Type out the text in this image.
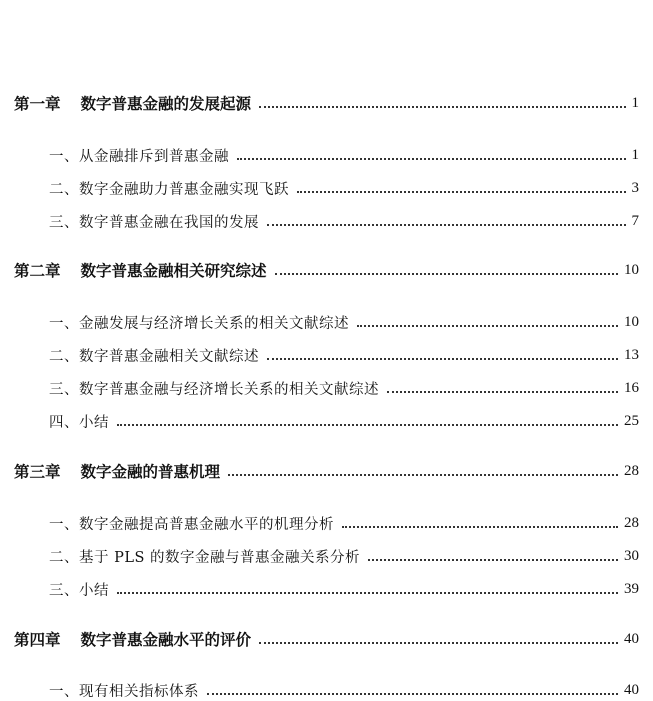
第一章 数字普惠金融的发展起源	1
一、从金融排斥到普惠金融	1
二、数字金融助力普惠金融实现飞跃	3
三、数字普惠金融在我国的发展	7
第二章 数字普惠金融相关研究综述	10
一、金融发展与经济增长关系的相关文献综述	10
二、数字普惠金融相关文献综述	13
三、数字普惠金融与经济增长关系的相关文献综述	16
四、小结	25
第三章 数字金融的普惠机理	28
一、数字金融提高普惠金融水平的机理分析	28
二、基于 PLS 的数字金融与普惠金融关系分析	30
三、小结	39
第四章 数字普惠金融水平的评价	40
一、现有相关指标体系	40
